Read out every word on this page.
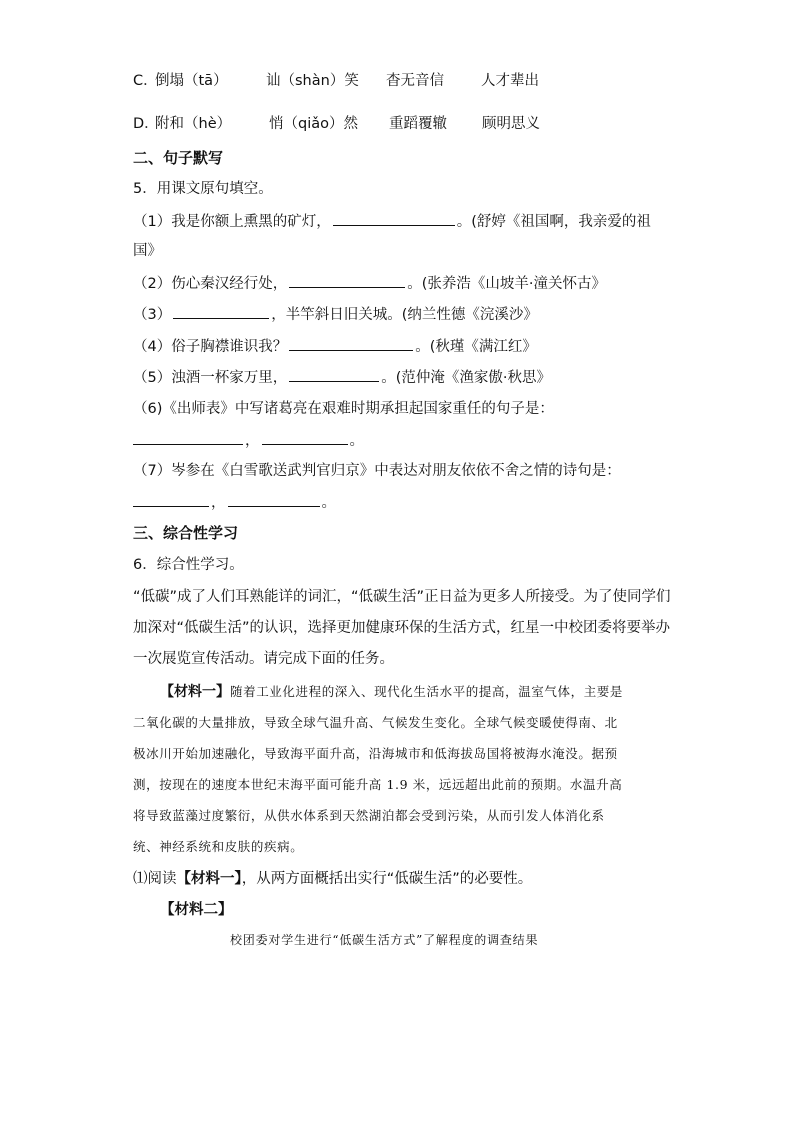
C．
倒塌（tā）	讪（shàn）笑 杳无音信	人才辈出
D．
附和（hè）	悄（qiǎo）然 重蹈覆辙 顾明思义
二、句子默写
5．用课文原句填空。
（1）我是你额上熏黑的矿灯，	。(舒婷《祖国啊，我亲爱的祖
国》
（2）伤心秦汉经行处，	。(张养浩《山坡羊·潼关怀古》
（3）	，半竿斜日旧关城。(纳兰性德《浣溪沙》
（4）俗子胸襟谁识我？	。(秋瑾《满江红》
（5）浊酒一杯家万里，	。(范仲淹《渔家傲·秋思》
（6)《出师表》中写诸葛亮在艰难时期承担起国家重任的句子是：
，	。
（7）岑参在《白雪歌送武判官归京》中表达对朋友依依不舍之情的诗句是：
，	。
三、综合性学习
6．综合性学习。
“低碳”成了人们耳熟能详的词汇，“低碳生活”正日益为更多人所接受。为了使同学们
加深对“低碳生活”的认识，选择更加健康环保的生活方式，红星一中校团委将要举办
一次展览宣传活动。请完成下面的任务。
【材料一】随着工业化进程的深入、现代化生活水平的提高，温室气体，主要是
二氧化碳的大量排放，导致全球气温升高、气候发生变化。全球气候变暖使得南、北
极冰川开始加速融化，导致海平面升高，沿海城市和低海拔岛国将被海水淹没。据预
测，按现在的速度本世纪末海平面可能升高 1.9 米，远远超出此前的预期。水温升高
将导致蓝藻过度繁衍，从供水体系到天然湖泊都会受到污染，从而引发人体消化系
统、神经系统和皮肤的疾病。
⑴阅读【材料一】，从两方面概括出实行“低碳生活”的必要性。
【材料二】
校团委对学生进行“低碳生活方式”了解程度的调查结果
